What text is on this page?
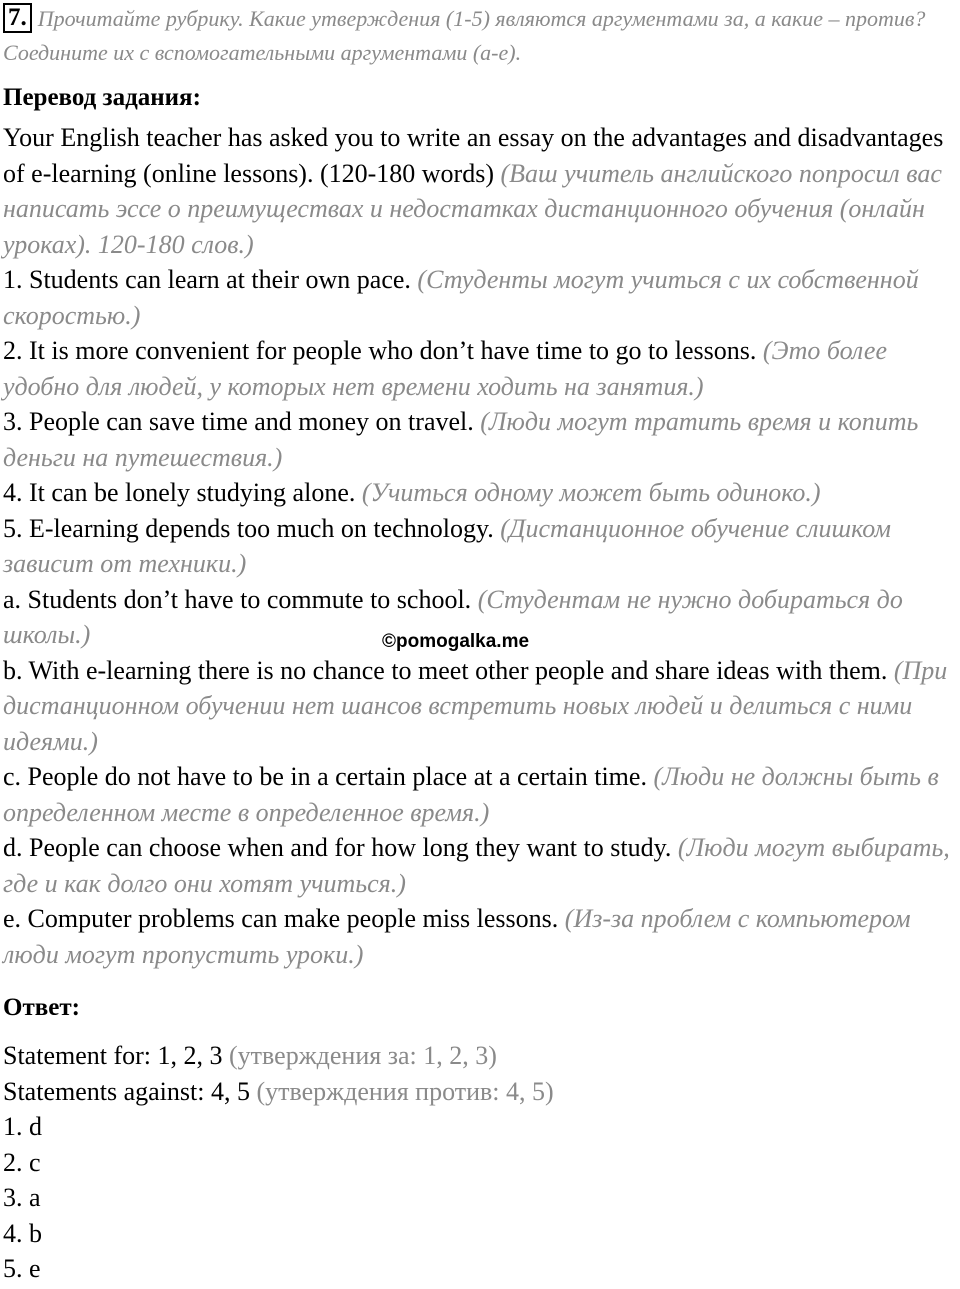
7. Прочитайте рубрику. Какие утверждения (1-5) являются аргументами за, а какие – против? Соедините их с вспомогательными аргументами (a-e).

Перевод задания:

Your English teacher has asked you to write an essay on the advantages and disadvantages of e-learning (online lessons). (120-180 words) (Ваш учитель английского попросил вас написать эссе о преимуществах и недостатках дистанционного обучения (онлайн уроках). 120-180 слов.)

1. Students can learn at their own pace. (Студенты могут учиться с их собственной скоростью.)

2. It is more convenient for people who don’t have time to go to lessons. (Это более удобно для людей, у которых нет времени ходить на занятия.)

3. People can save time and money on travel. (Люди могут тратить время и копить деньги на путешествия.)

4. It can be lonely studying alone. (Учиться одному может быть одиноко.)

5. E-learning depends too much on technology. (Дистанционное обучение слишком зависит от техники.)

a. Students don’t have to commute to school. (Студентам не нужно добираться до школы.)

b. With e-learning there is no chance to meet other people and share ideas with them. (При дистанционном обучении нет шансов встретить новых людей и делиться с ними идеями.)

c. People do not have to be in a certain place at a certain time. (Люди не должны быть в определенном месте в определенное время.)

d. People can choose when and for how long they want to study. (Люди могут выбирать, где и как долго они хотят учиться.)

e. Computer problems can make people miss lessons. (Из-за проблем с компьютером люди могут пропустить уроки.)

Ответ:

Statement for: 1, 2, 3 (утверждения за: 1, 2, 3)

Statements against: 4, 5 (утверждения против: 4, 5)

1. d

2. c

3. a

4. b

5. e

©pomogalka.me
